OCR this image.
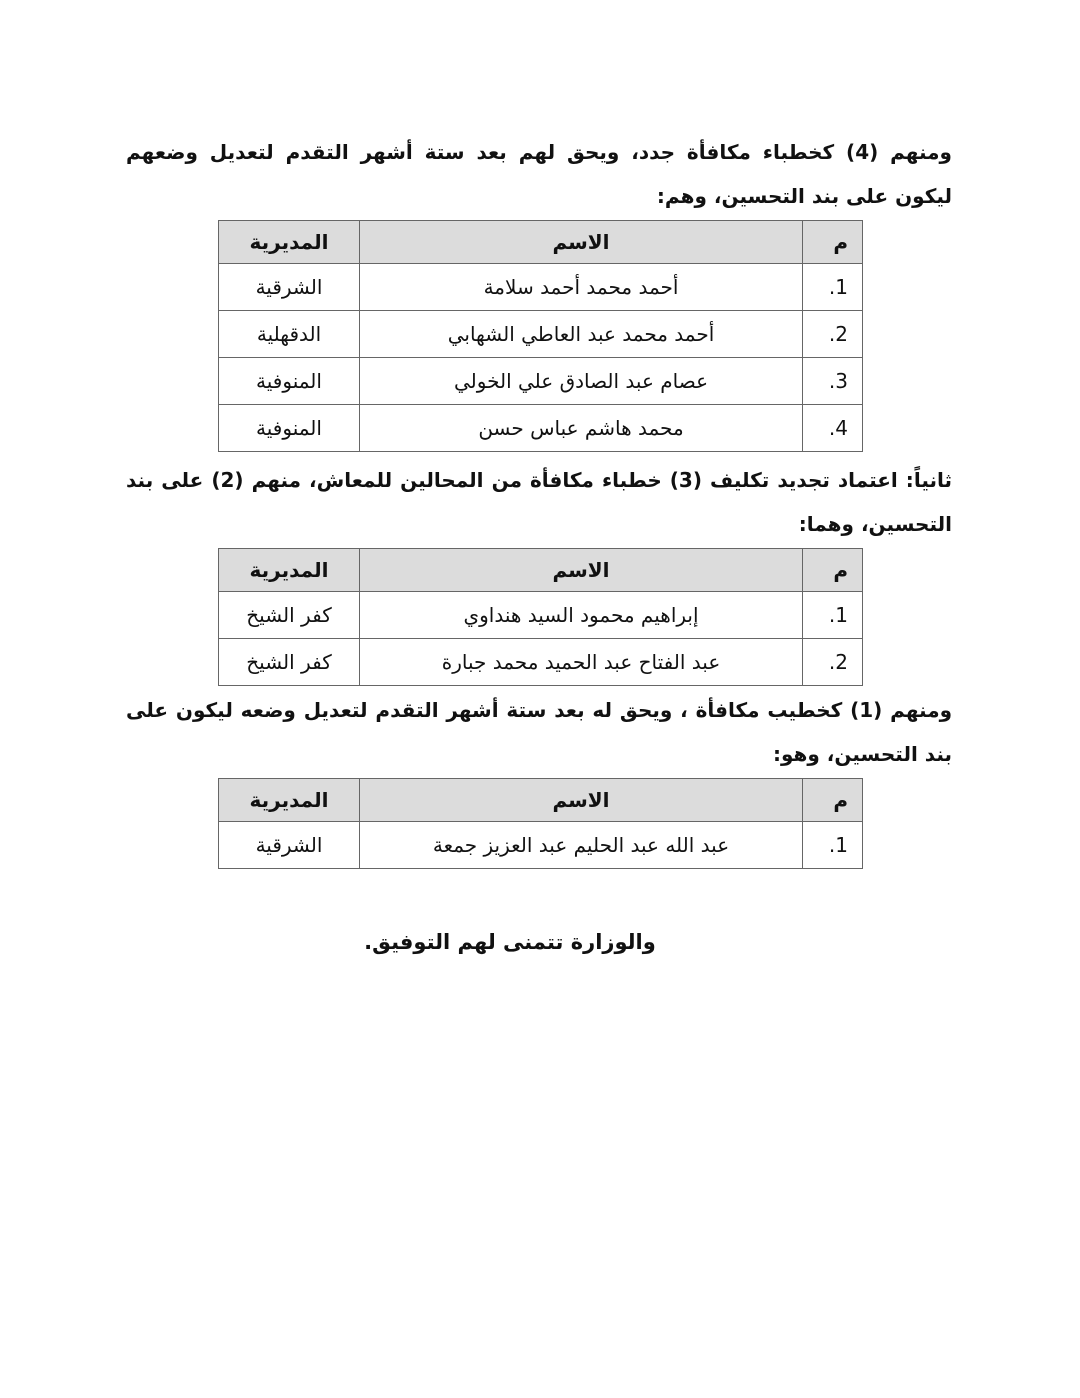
ومنهم (4) كخطباء مكافأة جدد، ويحق لهم بعد ستة أشهر التقدم لتعديل وضعهم ليكون على بند التحسين، وهم:

م	الاسم	المديرية
1.	أحمد محمد أحمد سلامة	الشرقية
2.	أحمد محمد عبد العاطي الشهابي	الدقهلية
3.	عصام عبد الصادق علي الخولي	المنوفية
4.	محمد هاشم عباس حسن	المنوفية

ثانياً: اعتماد تجديد تكليف (3) خطباء مكافأة من المحالين للمعاش، منهم (2) على بند التحسين، وهما:

م	الاسم	المديرية
1.	إبراهيم محمود السيد هنداوي	كفر الشيخ
2.	عبد الفتاح عبد الحميد محمد جبارة	كفر الشيخ

ومنهم (1) كخطيب مكافأة ، ويحق له بعد ستة أشهر التقدم لتعديل وضعه ليكون على بند التحسين، وهو:

م	الاسم	المديرية
1.	عبد الله عبد الحليم عبد العزيز جمعة	الشرقية
والوزارة تتمنى لهم التوفيق.
